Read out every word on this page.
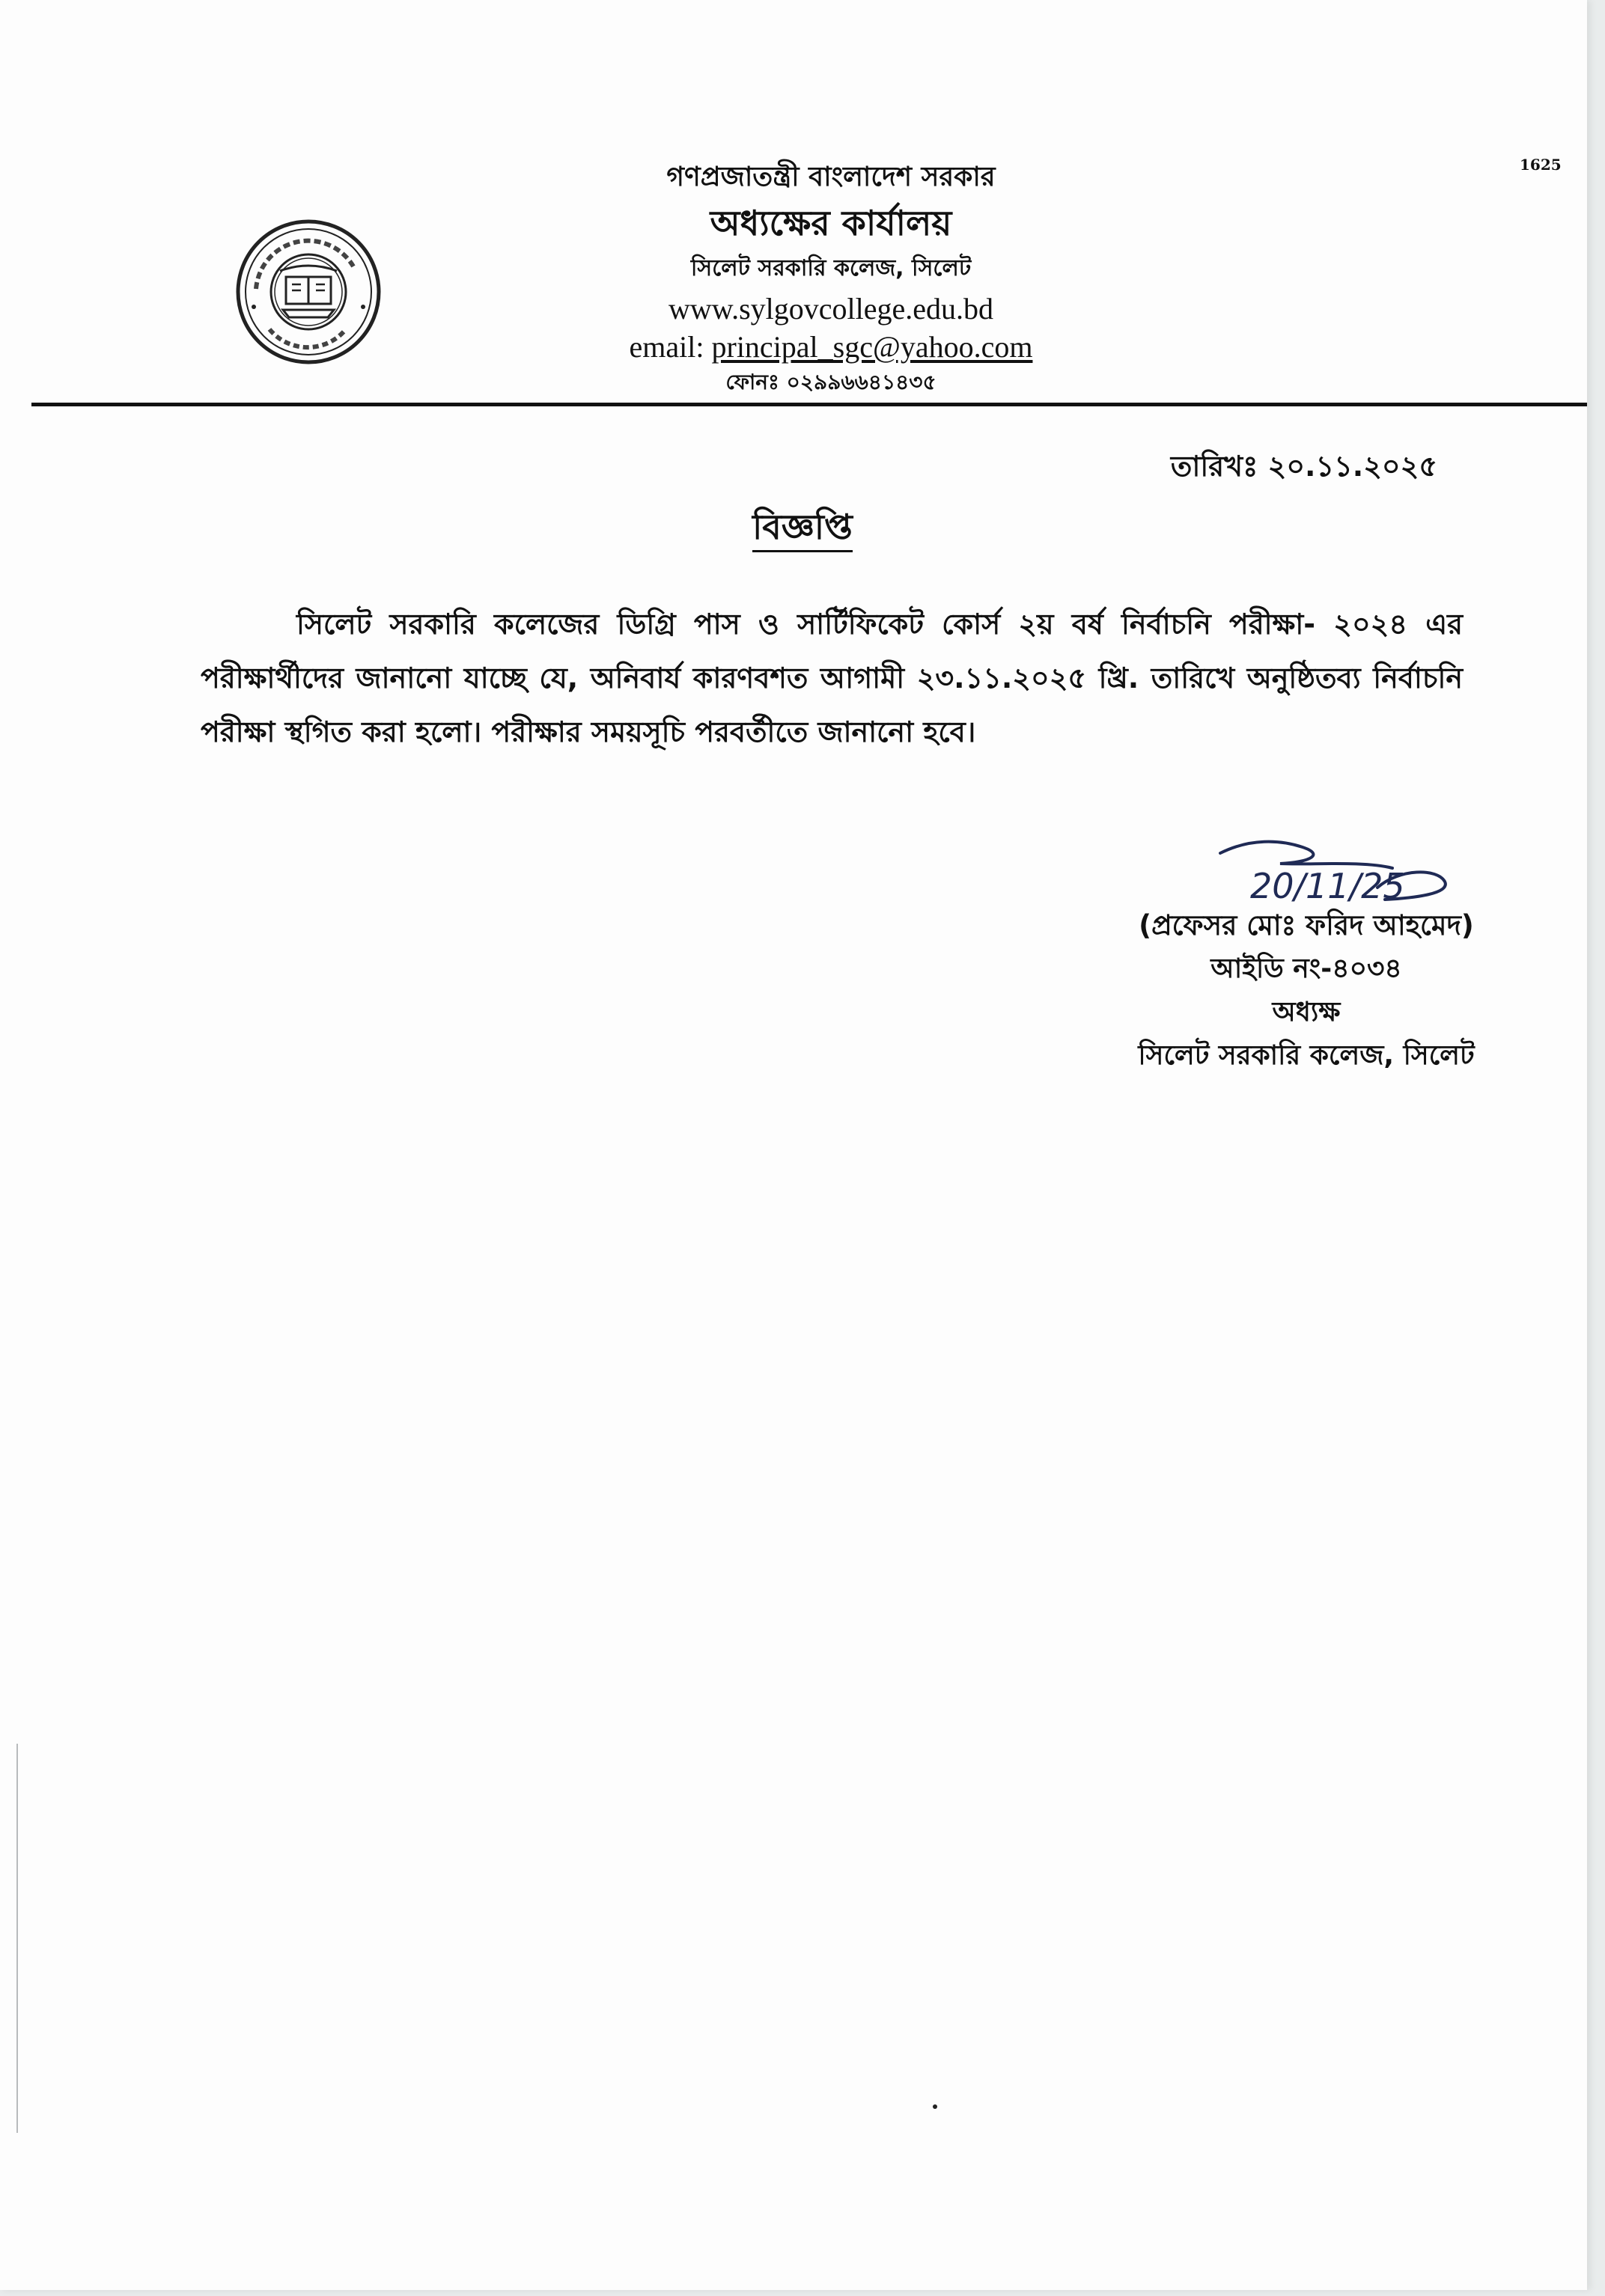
1625
গণপ্রজাতন্ত্রী বাংলাদেশ সরকার
অধ্যক্ষের কার্যালয়
সিলেট সরকারি কলেজ, সিলেট
www.sylgovcollege.edu.bd
email: principal_sgc@yahoo.com
ফোনঃ ০২৯৯৬৬৪১৪৩৫
তারিখঃ ২০.১১.২০২৫
বিজ্ঞপ্তি
সিলেট সরকারি কলেজের ডিগ্রি পাস ও সার্টিফিকেট কোর্স ২য় বর্ষ নির্বাচনি পরীক্ষা- ২০২৪ এর পরীক্ষার্থীদের জানানো যাচ্ছে যে, অনিবার্য কারণবশত আগামী ২৩.১১.২০২৫ খ্রি. তারিখে অনুষ্ঠিতব্য নির্বাচনি পরীক্ষা স্থগিত করা হলো। পরীক্ষার সময়সূচি পরবর্তীতে জানানো হবে।
20/11/25
(প্রফেসর মোঃ ফরিদ আহমেদ)
আইডি নং-৪০৩৪
অধ্যক্ষ
সিলেট সরকারি কলেজ, সিলেট
